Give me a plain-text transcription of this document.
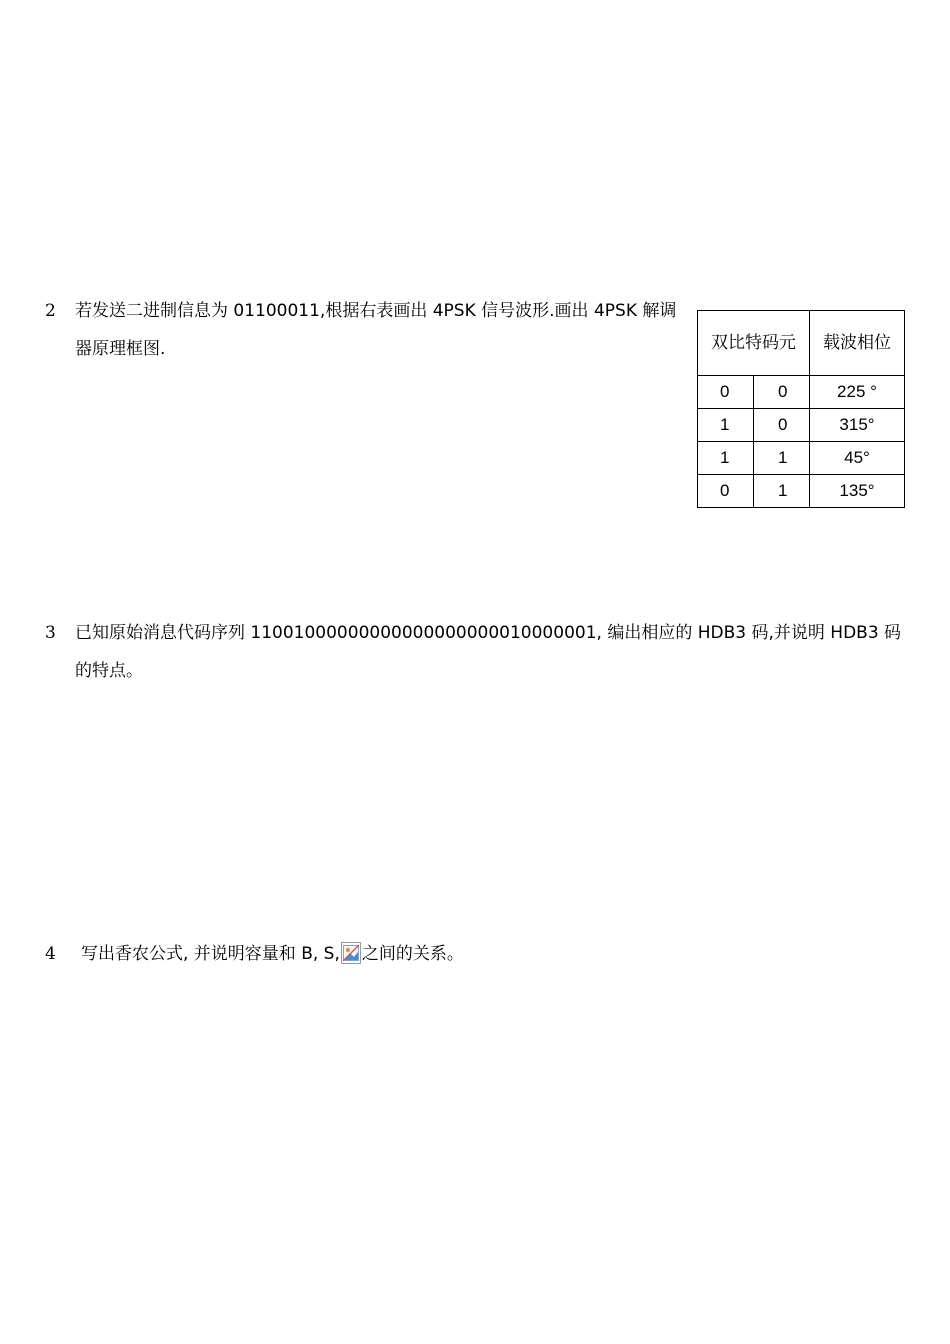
2 若发送二进制信息为 01100011,根据右表画出 4PSK 信号波形.画出 4PSK 解调器原理框图.	双比特码元		载波相位
0	0	225 °
1	0	315°
1	1	45°
0	1	135°
3 已知原始消息代码序列 11001000000000000000000010000001, 编出相应的 HDB3 码,并说明 HDB3 码的特点。
4 写出香农公式, 并说明容量和 B, S, 之间的关系。
